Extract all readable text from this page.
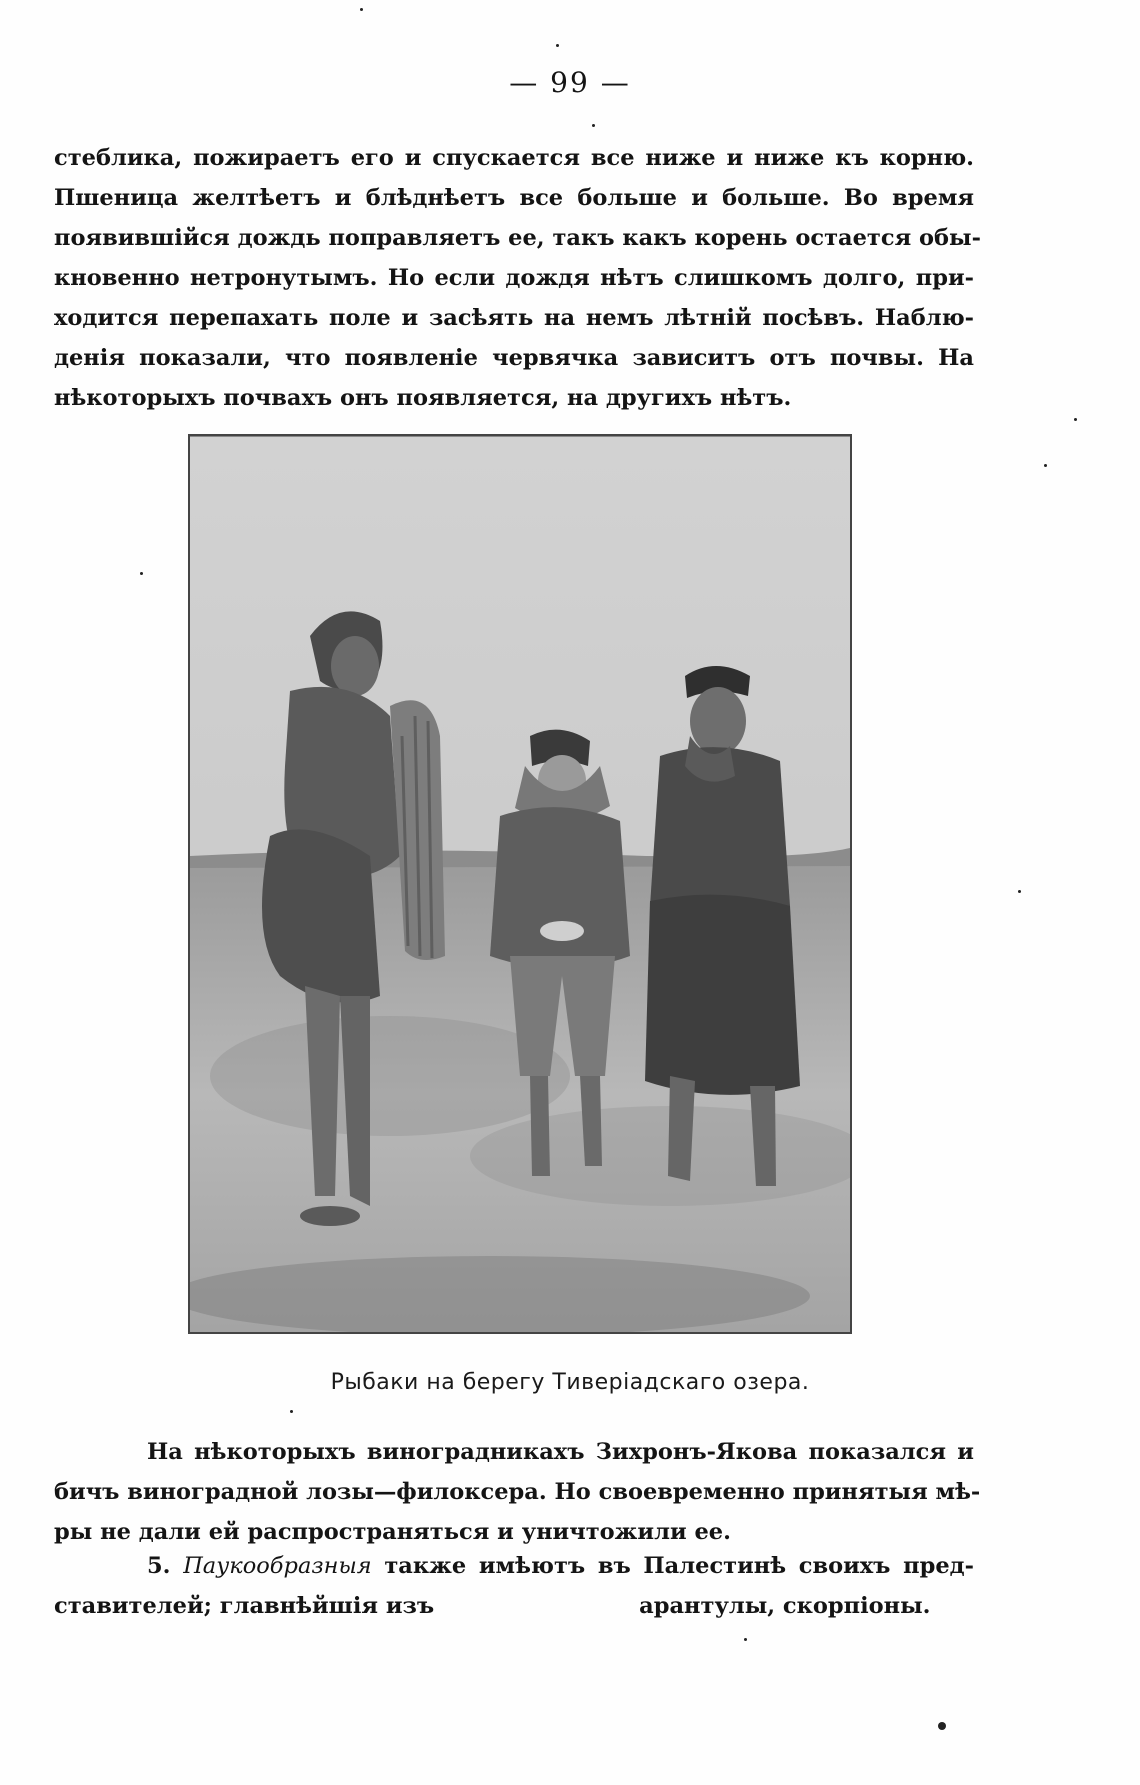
— 99 —
стеблика, пожираетъ его и спускается все ниже и ниже къ корню.
Пшеница желтѣетъ и блѣднѣетъ все больше и больше. Во время
появившійся дождь поправляетъ ее, такъ какъ корень остается обы-
кновенно нетронутымъ. Но если дождя нѣтъ слишкомъ долго, при-
ходится перепахать поле и засѣять на немъ лѣтній посѣвъ. Наблю-
денія показали, что появленіе червячка зависитъ отъ почвы. На
нѣкоторыхъ почвахъ онъ появляется, на другихъ нѣтъ.
Рыбаки на берегу Тиверіадскаго озера.
На нѣкоторыхъ виноградникахъ Зихронъ-Якова показался и
бичъ виноградной лозы—филоксера. Но своевременно принятыя мѣ-
ры не дали ей распространяться и уничтожили ее.
5. Паукообразныя также имѣютъ въ Палестинѣ своихъ пред-
ставителей; главнѣйшія изъ	арантулы, скорпіоны.
